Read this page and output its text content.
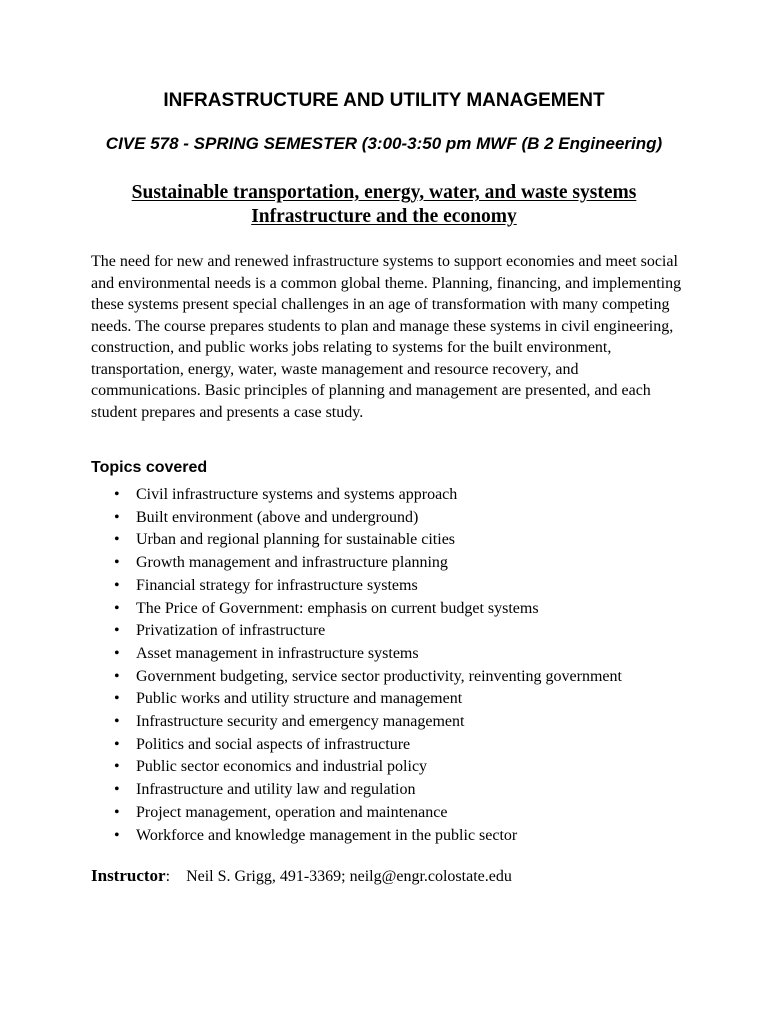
INFRASTRUCTURE AND UTILITY MANAGEMENT

CIVE 578 - SPRING SEMESTER (3:00-3:50 pm MWF (B 2 Engineering)

Sustainable transportation, energy, water, and waste systems
Infrastructure and the economy

The need for new and renewed infrastructure systems to support economies and meet social and environmental needs is a common global theme. Planning, financing, and implementing these systems present special challenges in an age of transformation with many competing needs. The course prepares students to plan and manage these systems in civil engineering, construction, and public works jobs relating to systems for the built environment, transportation, energy, water, waste management and resource recovery, and communications. Basic principles of planning and management are presented, and each student prepares and presents a case study.

Topics covered
• Civil infrastructure systems and systems approach
• Built environment (above and underground)
• Urban and regional planning for sustainable cities
• Growth management and infrastructure planning
• Financial strategy for infrastructure systems
• The Price of Government: emphasis on current budget systems
• Privatization of infrastructure
• Asset management in infrastructure systems
• Government budgeting, service sector productivity, reinventing government
• Public works and utility structure and management
• Infrastructure security and emergency management
• Politics and social aspects of infrastructure
• Public sector economics and industrial policy
• Infrastructure and utility law and regulation
• Project management, operation and maintenance
• Workforce and knowledge management in the public sector

Instructor: Neil S. Grigg, 491-3369; neilg@engr.colostate.edu
